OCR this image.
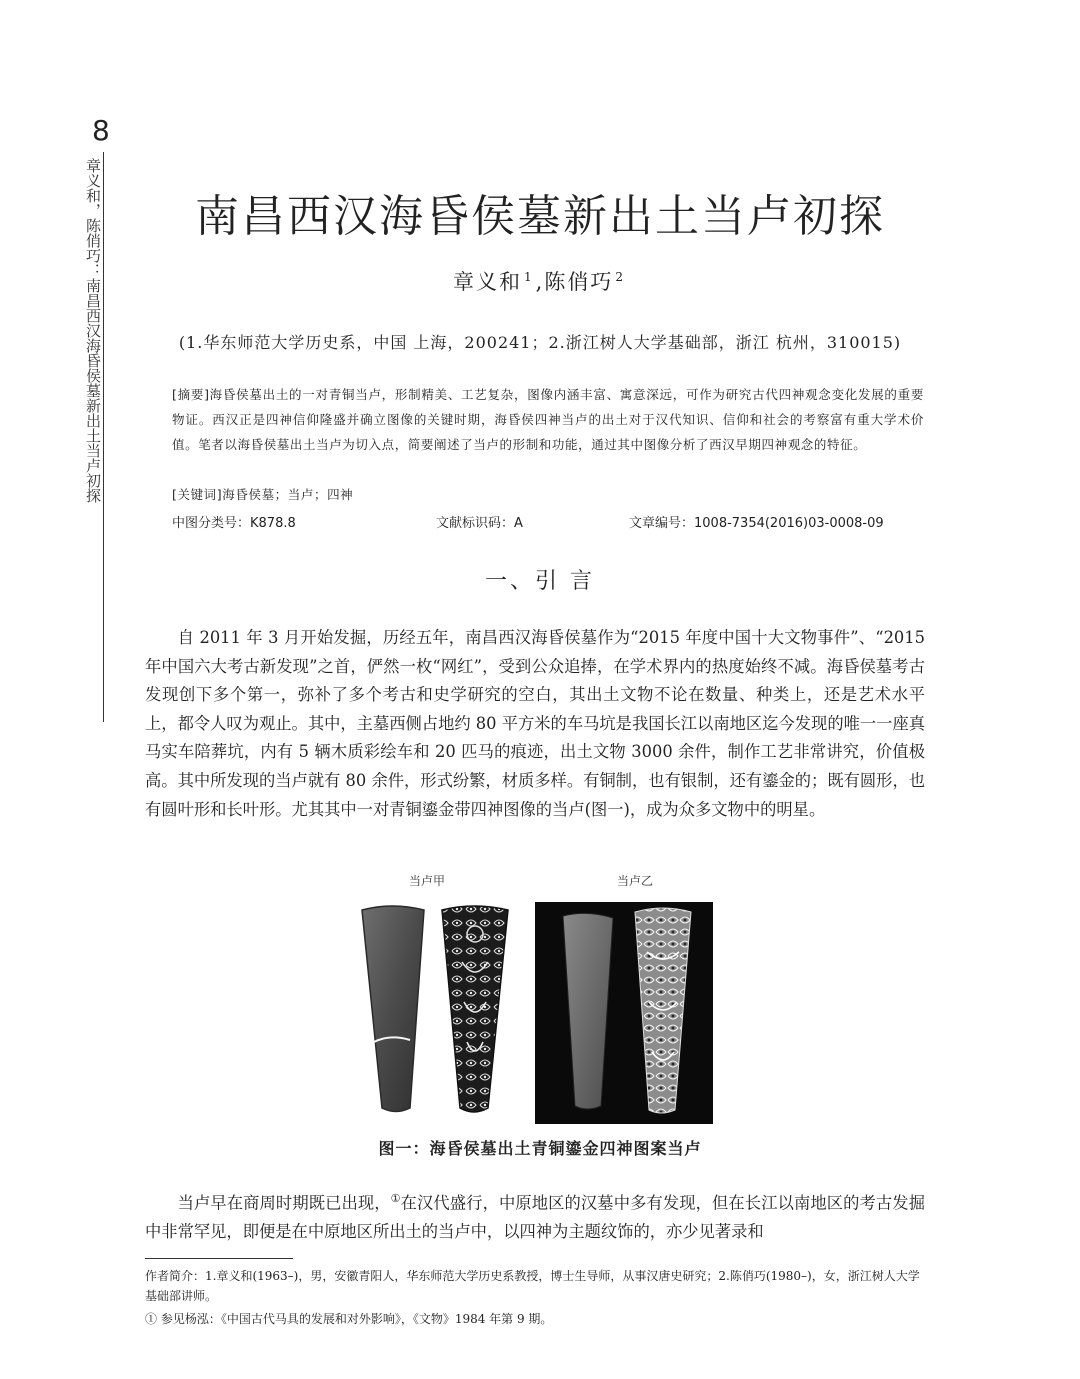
8
章义和，陈俏巧：南昌西汉海昏侯墓新出土当卢初探	南昌西汉海昏侯墓新出土当卢初探
章义和 $^1$,陈俏巧 $^2$
(1.华东师范大学历史系，中国 上海，200241；2.浙江树人大学基础部，浙江 杭州，310015)
[摘要]海昏侯墓出土的一对青铜当卢，形制精美、工艺复杂，图像内涵丰富、寓意深远，可作为研究古代四神观念变化发展的重要物证。西汉正是四神信仰隆盛并确立图像的关键时期，海昏侯四神当卢的出土对于汉代知识、信仰和社会的考察富有重大学术价值。笔者以海昏侯墓出土当卢为切入点，简要阐述了当卢的形制和功能，通过其中图像分析了西汉早期四神观念的特征。
[关键词]海昏侯墓；当卢；四神
中图分类号：K878.8	文献标识码：A	文章编号：1008-7354(2016)03-0008-09
一、引 言

自 2011 年 3 月开始发掘，历经五年，南昌西汉海昏侯墓作为“2015 年度中国十大文物事件”、“2015 年中国六大考古新发现”之首，俨然一枚“网红”，受到公众追捧，在学术界内的热度始终不减。海昏侯墓考古发现创下多个第一，弥补了多个考古和史学研究的空白，其出土文物不论在数量、种类上，还是艺术水平上，都令人叹为观止。其中，主墓西侧占地约 80 平方米的车马坑是我国长江以南地区迄今发现的唯一一座真马实车陪葬坑，内有 5 辆木质彩绘车和 20 匹马的痕迹，出土文物 3000 余件，制作工艺非常讲究，价值极高。其中所发现的当卢就有 80 余件，形式纷繁，材质多样。有铜制，也有银制，还有鎏金的；既有圆形，也有圆叶形和长叶形。尤其其中一对青铜鎏金带四神图像的当卢(图一)，成为众多文物中的明星。

当卢甲	当卢乙
图一：海昏侯墓出土青铜鎏金四神图案当卢

当卢早在商周时期既已出现，①在汉代盛行，中原地区的汉墓中多有发现，但在长江以南地区的考古发掘中非常罕见，即便是在中原地区所出土的当卢中，以四神为主题纹饰的，亦少见著录和

作者简介：1.章义和(1963–)，男，安徽青阳人，华东师范大学历史系教授，博士生导师，从事汉唐史研究；2.陈俏巧(1980–)，女，浙江树人大学基础部讲师。

① 参见杨泓：《中国古代马具的发展和对外影响》，《文物》1984 年第 9 期。
